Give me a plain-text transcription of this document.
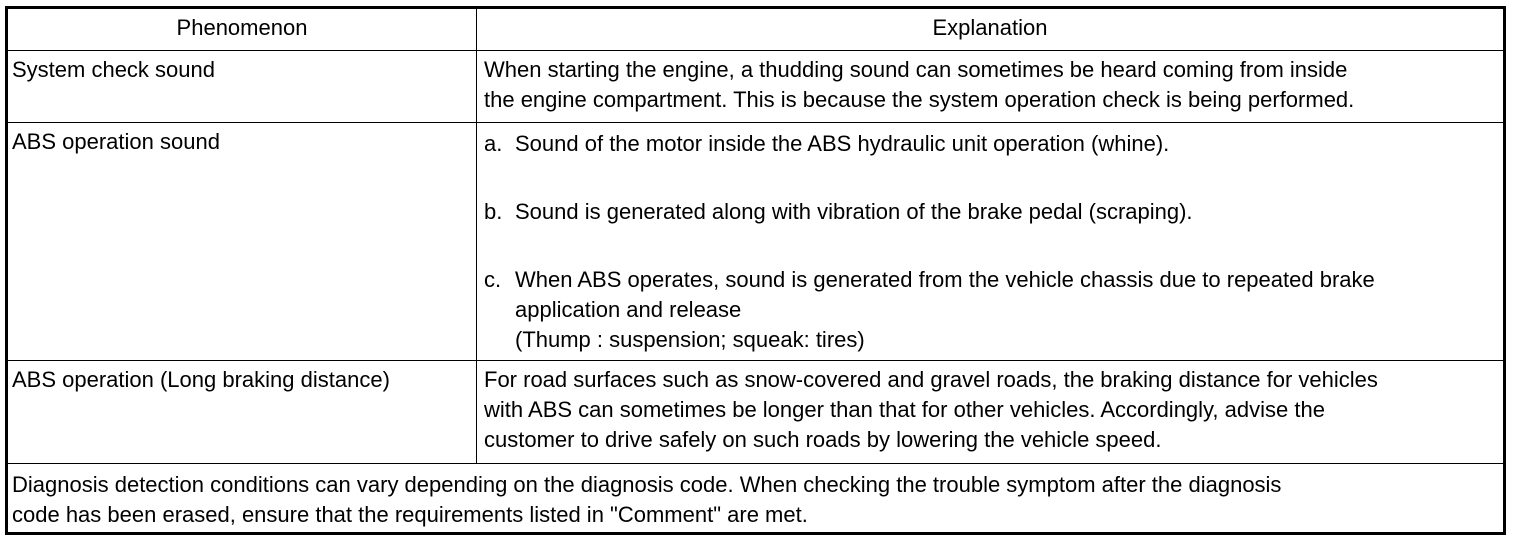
Phenomenon	Explanation
System check sound	When starting the engine, a thudding sound can sometimes be heard coming from inside
the engine compartment. This is because the system operation check is being performed.
ABS operation sound	a. Sound of the motor inside the ABS hydraulic unit operation (whine).
b. Sound is generated along with vibration of the brake pedal (scraping).
c. When ABS operates, sound is generated from the vehicle chassis due to repeated brake
application and release
(Thump : suspension; squeak: tires)
ABS operation (Long braking distance)	For road surfaces such as snow-covered and gravel roads, the braking distance for vehicles
with ABS can sometimes be longer than that for other vehicles. Accordingly, advise the
customer to drive safely on such roads by lowering the vehicle speed.
Diagnosis detection conditions can vary depending on the diagnosis code. When checking the trouble symptom after the diagnosis
code has been erased, ensure that the requirements listed in "Comment" are met.
